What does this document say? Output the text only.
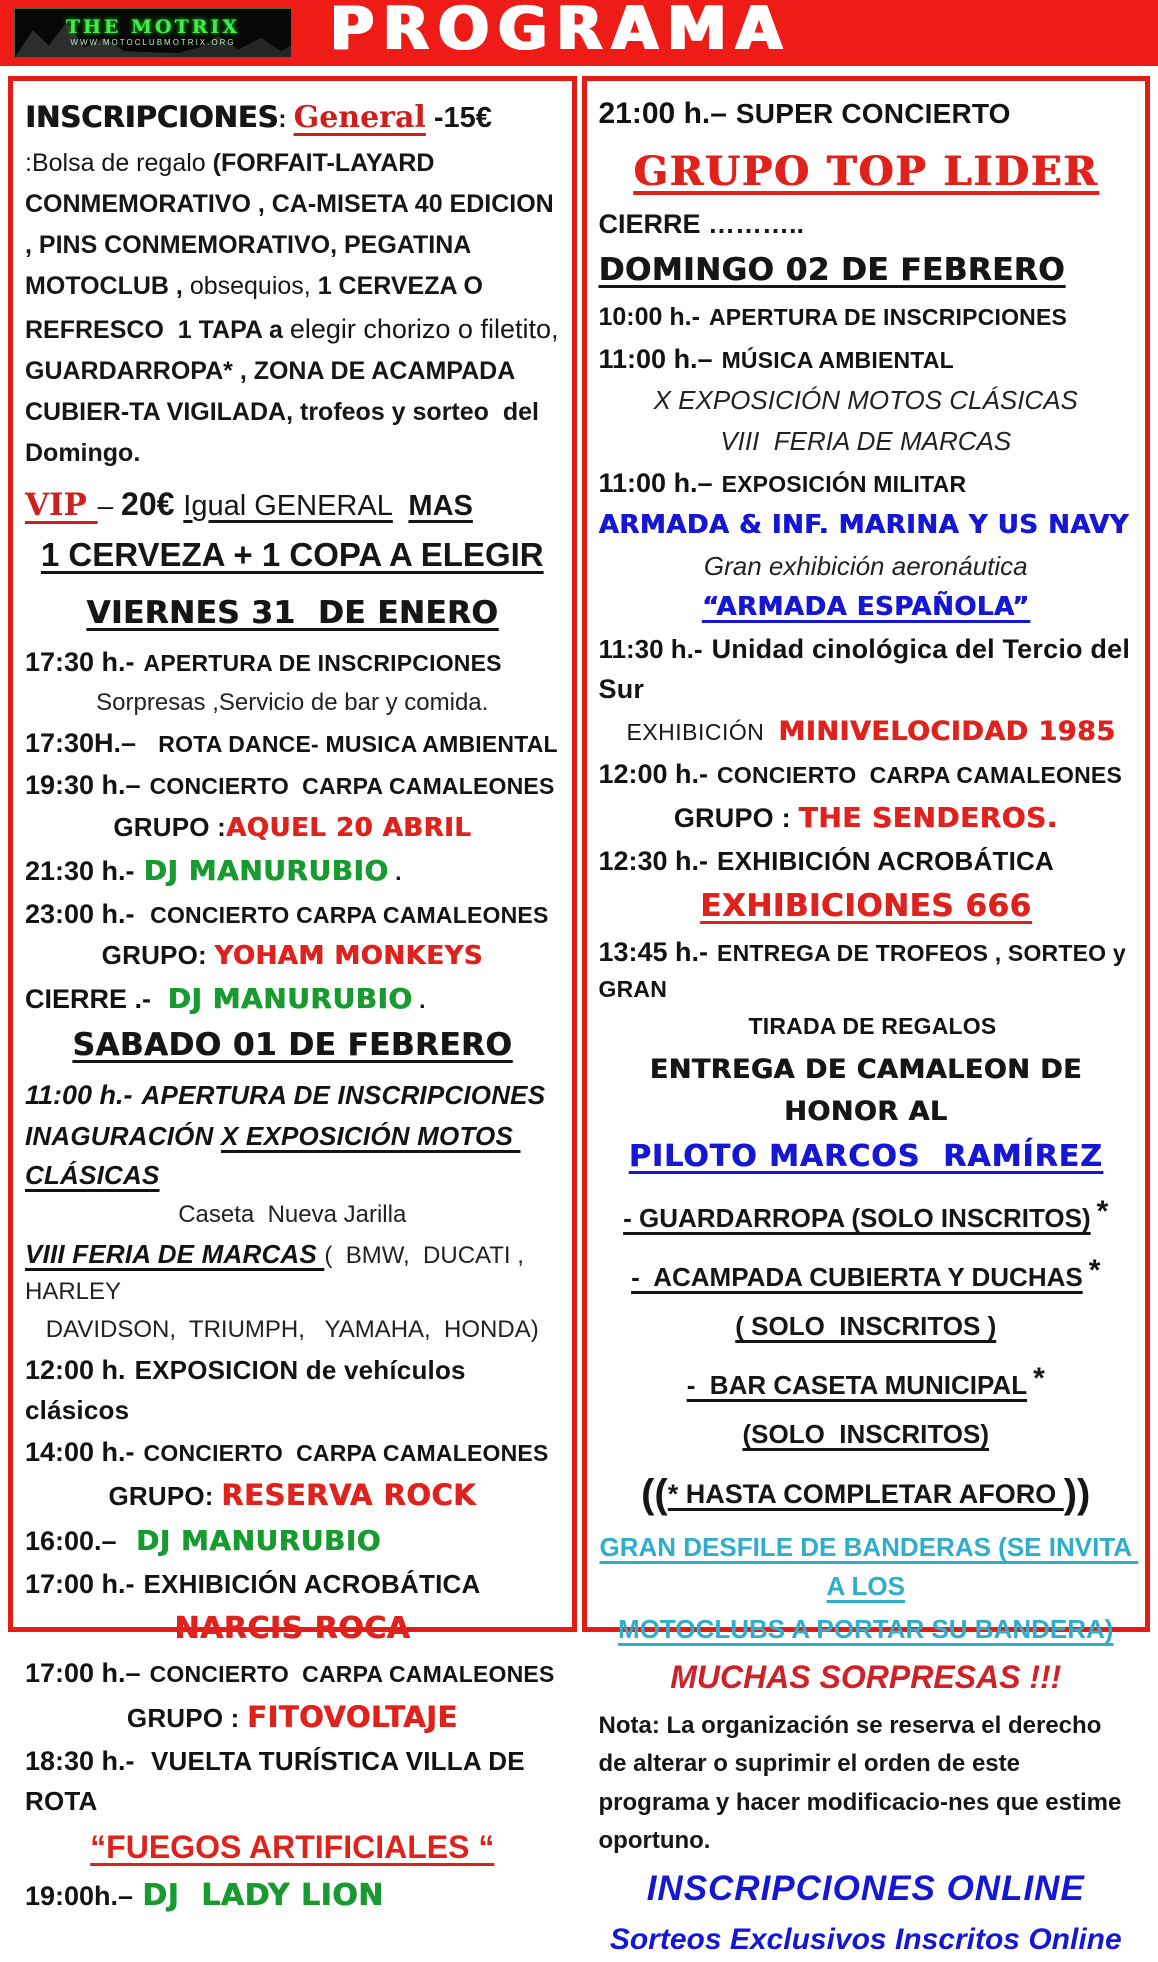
THE MOTRIX
WWW.MOTOCLUBMOTRIX.ORG	PROGRAMA

INSCRIPCIONES: General -15€ :Bolsa de regalo (FORFAIT-LAYARD CONMEMORATIVO , CA-MISETA 40 EDICION , PINS CONMEMORATIVO, PEGATINA MOTOCLUB , obsequios, 1 CERVEZA O REFRESCO  1 TAPA a elegir chorizo o filetito, GUARDARROPA* , ZONA DE ACAMPADA CUBIER-TA VIGILADA, trofeos y sorteo  del Domingo.

VIP – 20€ Igual GENERAL MAS
1 CERVEZA + 1 COPA A ELEGIR
VIERNES 31  DE ENERO
17:30 h.- APERTURA DE INSCRIPCIONES
Sorpresas ,Servicio de bar y comida.
17:30H.–  ROTA DANCE- MUSICA AMBIENTAL
19:30 h.– CONCIERTO  CARPA CAMALEONES
GRUPO :AQUEL 20 ABRIL
21:30 h.- DJ MANURUBIO .
23:00 h.- CONCIERTO CARPA CAMALEONES
GRUPO: YOHAM MONKEYS
CIERRE .- DJ MANURUBIO .
SABADO 01 DE FEBRERO
11:00 h.- APERTURA DE INSCRIPCIONES
INAGURACIÓN X EXPOSICIÓN MOTOS CLÁSICAS
Caseta  Nueva Jarilla
VIII FERIA DE MARCAS (  BMW,  DUCATI ,   HARLEY
DAVIDSON,  TRIUMPH,   YAMAHA,  HONDA)
12:00 h. EXPOSICION de vehículos clásicos
14:00 h.- CONCIERTO  CARPA CAMALEONES
GRUPO: RESERVA ROCK
16:00.– DJ MANURUBIO
17:00 h.- EXHIBICIÓN ACROBÁTICA
NARCIS ROCA
17:00 h.– CONCIERTO  CARPA CAMALEONES
GRUPO : FITOVOLTAJE
18:30 h.- VUELTA TURÍSTICA VILLA DE ROTA
“FUEGOS ARTIFICIALES “
19:00h.– DJ  LADY LION
21:00 h.– SUPER CONCIERTO
GRUPO TOP LIDER
CIERRE ………..
DOMINGO 02 DE FEBRERO
10:00 h.- APERTURA DE INSCRIPCIONES
11:00 h.– MÚSICA AMBIENTAL
X EXPOSICIÓN MOTOS CLÁSICAS
VIII  FERIA DE MARCAS
11:00 h.– EXPOSICIÓN MILITAR
ARMADA & INF. MARINA Y US NAVY
Gran exhibición aeronáutica
“ARMADA ESPAÑOLA”
11:30 h.- Unidad cinológica del Tercio del Sur
EXHIBICIÓN  MINIVELOCIDAD 1985
12:00 h.- CONCIERTO  CARPA CAMALEONES
GRUPO : THE SENDEROS.
12:30 h.- EXHIBICIÓN ACROBÁTICA
EXHIBICIONES 666
13:45 h.- ENTREGA DE TROFEOS , SORTEO y GRAN
TIRADA DE REGALOS
ENTREGA DE CAMALEON DE HONOR AL
PILOTO MARCOS  RAMÍREZ
- GUARDARROPA (SOLO INSCRITOS) *
-  ACAMPADA CUBIERTA Y DUCHAS *
( SOLO  INSCRITOS )
-  BAR CASETA MUNICIPAL *
(SOLO  INSCRITOS)
((* HASTA COMPLETAR AFORO ))
GRAN DESFILE DE BANDERAS (SE INVITA A LOS
MOTOCLUBS A PORTAR SU BANDERA)
MUCHAS SORPRESAS !!!

Nota: La organización se reserva el derecho de alterar o suprimir el orden de este programa y hacer modificacio-nes que estime oportuno.

INSCRIPCIONES ONLINE
Sorteos Exclusivos Inscritos Online
